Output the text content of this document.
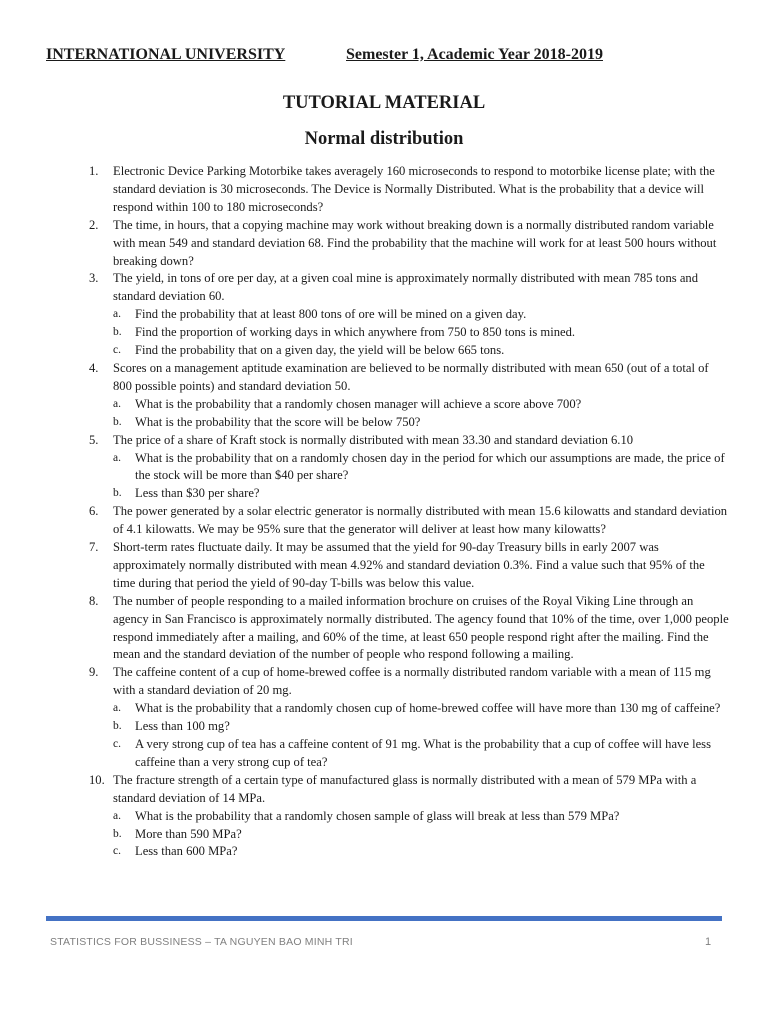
INTERNATIONAL UNIVERSITY	Semester 1, Academic Year 2018-2019
TUTORIAL MATERIAL
Normal distribution
1.	Electronic Device Parking Motorbike takes averagely 160 microseconds to respond to motorbike license plate; with the standard deviation is 30 microseconds. The Device is Normally Distributed. What is the probability that a device will respond within 100 to 180 microseconds?
2.	The time, in hours, that a copying machine may work without breaking down is a normally distributed random variable with mean 549 and standard deviation 68. Find the probability that the machine will work for at least 500 hours without breaking down?
3.	The yield, in tons of ore per day, at a given coal mine is approximately normally distributed with mean 785 tons and standard deviation 60.
a.	Find the probability that at least 800 tons of ore will be mined on a given day.
b.	Find the proportion of working days in which anywhere from 750 to 850 tons is mined.
c.	Find the probability that on a given day, the yield will be below 665 tons.
4.	Scores on a management aptitude examination are believed to be normally distributed with mean 650 (out of a total of 800 possible points) and standard deviation 50.
a.	What is the probability that a randomly chosen manager will achieve a score above 700?
b.	What is the probability that the score will be below 750?
5.	The price of a share of Kraft stock is normally distributed with mean 33.30 and standard deviation 6.10
a.	What is the probability that on a randomly chosen day in the period for which our assumptions are made, the price of the stock will be more than $40 per share?
b.	Less than $30 per share?
6.	The power generated by a solar electric generator is normally distributed with mean 15.6 kilowatts and standard deviation of 4.1 kilowatts. We may be 95% sure that the generator will deliver at least how many kilowatts?
7.	Short-term rates fluctuate daily. It may be assumed that the yield for 90-day Treasury bills in early 2007 was approximately normally distributed with mean 4.92% and standard deviation 0.3%. Find a value such that 95% of the time during that period the yield of 90-day T-bills was below this value.
8.	The number of people responding to a mailed information brochure on cruises of the Royal Viking Line through an agency in San Francisco is approximately normally distributed. The agency found that 10% of the time, over 1,000 people respond immediately after a mailing, and 60% of the time, at least 650 people respond right after the mailing. Find the mean and the standard deviation of the number of people who respond following a mailing.
9.	The caffeine content of a cup of home-brewed coffee is a normally distributed random variable with a mean of 115 mg with a standard deviation of 20 mg.
a.	What is the probability that a randomly chosen cup of home-brewed coffee will have more than 130 mg of caffeine?
b.	Less than 100 mg?
c.	A very strong cup of tea has a caffeine content of 91 mg. What is the probability that a cup of coffee will have less caffeine than a very strong cup of tea?
10. The fracture strength of a certain type of manufactured glass is normally distributed with a mean of 579 MPa with a standard deviation of 14 MPa.
a.	What is the probability that a randomly chosen sample of glass will break at less than 579 MPa?
b.	More than 590 MPa?
c.	Less than 600 MPa?
STATISTICS FOR BUSSINESS – TA NGUYEN BAO MINH TRI	1
